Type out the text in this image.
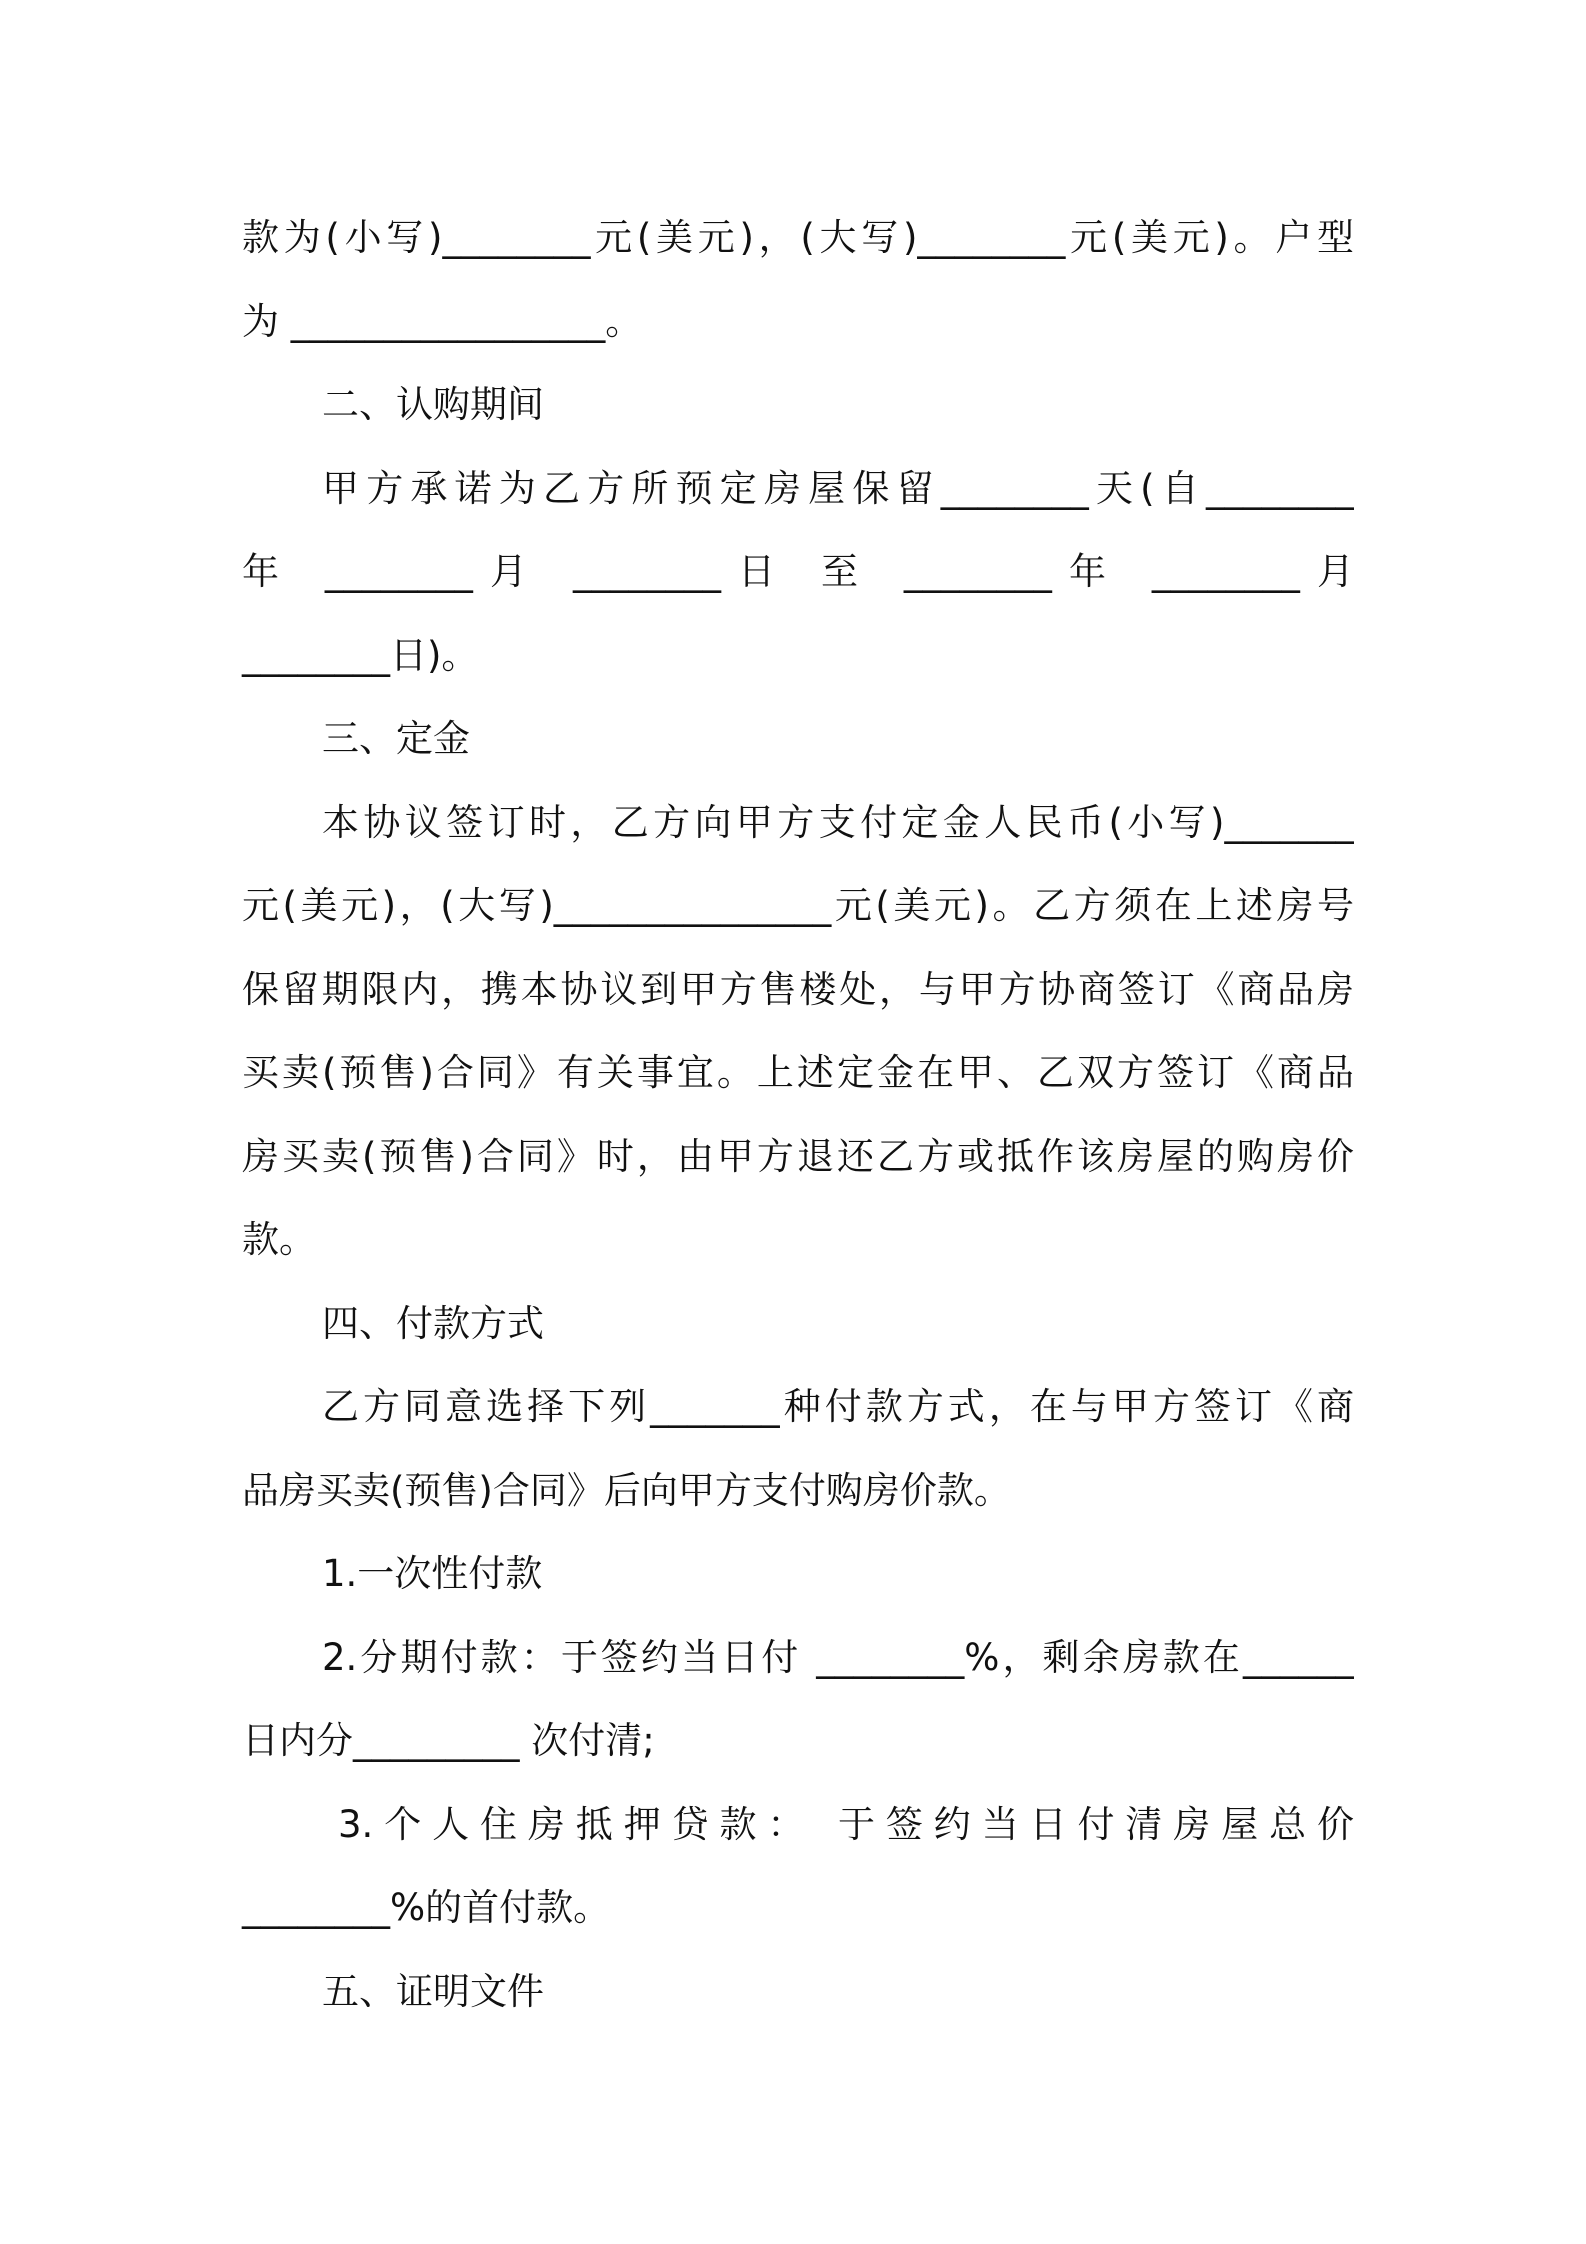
款为(小写)________元(美元)，(大写)________元(美元)。户型
为 _________________。
二、认购期间
甲方承诺为乙方所预定房屋保留________天(自________
年 ________月 ________日 至 ________年 ________月
________日)。
三、定金
本协议签订时，乙方向甲方支付定金人民币(小写)_______
元(美元)，(大写)_______________元(美元)。乙方须在上述房号
保留期限内，携本协议到甲方售楼处，与甲方协商签订《商品房
买卖(预售)合同》有关事宜。上述定金在甲、乙双方签订《商品
房买卖(预售)合同》时，由甲方退还乙方或抵作该房屋的购房价
款。
四、付款方式
乙方同意选择下列_______种付款方式，在与甲方签订《商
品房买卖(预售)合同》后向甲方支付购房价款。
1.一次性付款
2.分期付款：于签约当日付 ________%，剩余房款在______
日内分_________ 次付清;
3.个人住房抵押贷款： 于签约当日付清房屋总价
________%的首付款。
五、证明文件
